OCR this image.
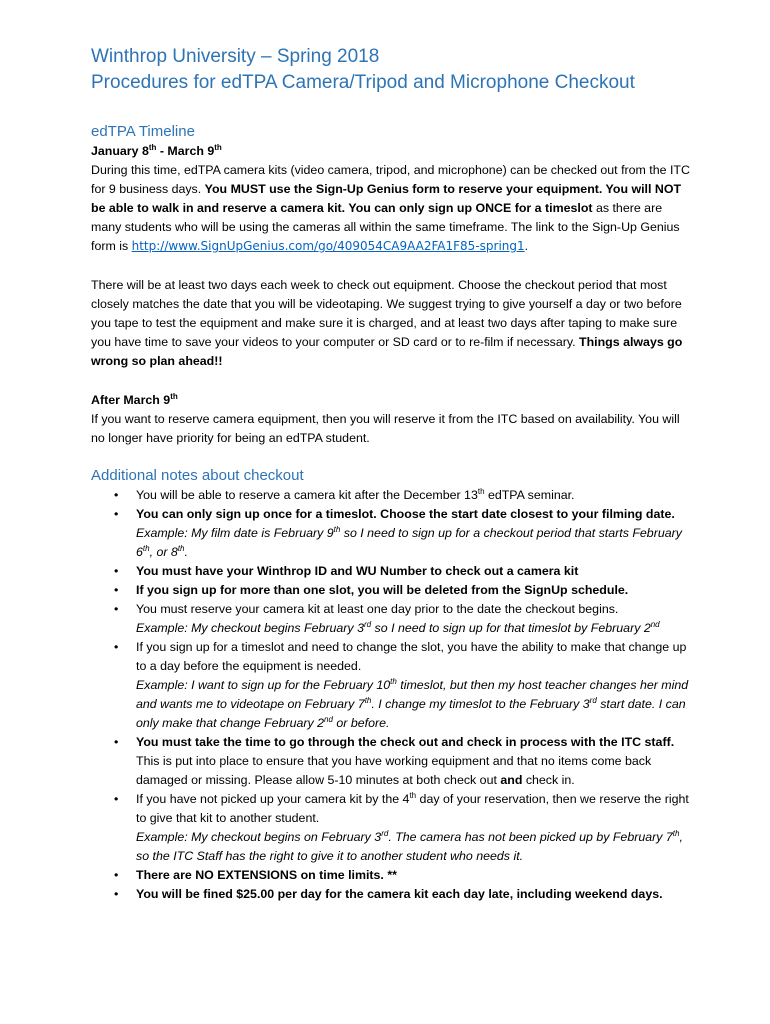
Winthrop University – Spring 2018
Procedures for edTPA Camera/Tripod and Microphone Checkout
edTPA Timeline

January 8th - March 9th

During this time, edTPA camera kits (video camera, tripod, and microphone) can be checked out from the ITC for 9 business days. You MUST use the Sign-Up Genius form to reserve your equipment. You will NOT be able to walk in and reserve a camera kit. You can only sign up ONCE for a timeslot as there are many students who will be using the cameras all within the same timeframe. The link to the Sign-Up Genius form is http://www.SignUpGenius.com/go/409054CA9AA2FA1F85-spring1.

There will be at least two days each week to check out equipment. Choose the checkout period that most closely matches the date that you will be videotaping. We suggest trying to give yourself a day or two before you tape to test the equipment and make sure it is charged, and at least two days after taping to make sure you have time to save your videos to your computer or SD card or to re-film if necessary. Things always go wrong so plan ahead!!

After March 9th

If you want to reserve camera equipment, then you will reserve it from the ITC based on availability. You will no longer have priority for being an edTPA student.

Additional notes about checkout
• You will be able to reserve a camera kit after the December 13th edTPA seminar.
• You can only sign up once for a timeslot. Choose the start date closest to your filming date.
Example: My film date is February 9th so I need to sign up for a checkout period that starts February 6th, or 8th.
• You must have your Winthrop ID and WU Number to check out a camera kit
• If you sign up for more than one slot, you will be deleted from the SignUp schedule.
• You must reserve your camera kit at least one day prior to the date the checkout begins.
Example: My checkout begins February 3rd so I need to sign up for that timeslot by February 2nd
• If you sign up for a timeslot and need to change the slot, you have the ability to make that change up to a day before the equipment is needed.
Example: I want to sign up for the February 10th timeslot, but then my host teacher changes her mind and wants me to videotape on February 7th. I change my timeslot to the February 3rd start date. I can only make that change February 2nd or before.
• You must take the time to go through the check out and check in process with the ITC staff. This is put into place to ensure that you have working equipment and that no items come back damaged or missing. Please allow 5-10 minutes at both check out and check in.
• If you have not picked up your camera kit by the 4th day of your reservation, then we reserve the right to give that kit to another student.
Example: My checkout begins on February 3rd. The camera has not been picked up by February 7th, so the ITC Staff has the right to give it to another student who needs it.
• There are NO EXTENSIONS on time limits. **
• You will be fined $25.00 per day for the camera kit each day late, including weekend days.
